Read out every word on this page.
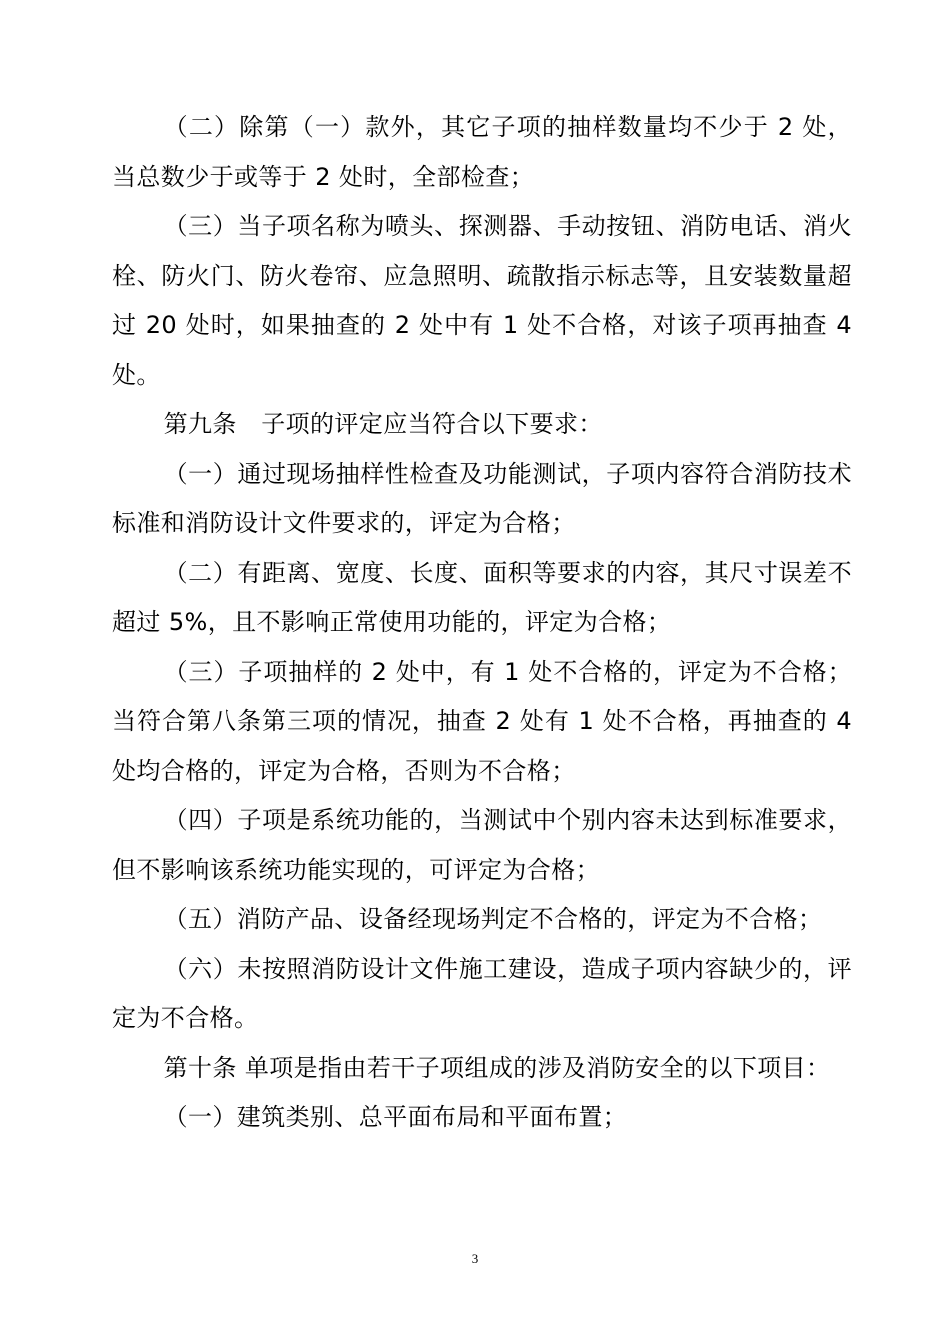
（二）除第（一）款外，其它子项的抽样数量均不少于 2 处，当总数少于或等于 2 处时，全部检查；

（三）当子项名称为喷头、探测器、手动按钮、消防电话、消火栓、防火门、防火卷帘、应急照明、疏散指示标志等，且安装数量超过 20 处时，如果抽查的 2 处中有 1 处不合格，对该子项再抽查 4 处。

第九条　子项的评定应当符合以下要求：

（一）通过现场抽样性检查及功能测试，子项内容符合消防技术标准和消防设计文件要求的，评定为合格；

（二）有距离、宽度、长度、面积等要求的内容，其尺寸误差不超过 5%，且不影响正常使用功能的，评定为合格；

（三）子项抽样的 2 处中，有 1 处不合格的，评定为不合格；当符合第八条第三项的情况，抽查 2 处有 1 处不合格，再抽查的 4 处均合格的，评定为合格，否则为不合格；

（四）子项是系统功能的，当测试中个别内容未达到标准要求，但不影响该系统功能实现的，可评定为合格；

（五）消防产品、设备经现场判定不合格的，评定为不合格；

（六）未按照消防设计文件施工建设，造成子项内容缺少的，评定为不合格。

第十条 单项是指由若干子项组成的涉及消防安全的以下项目：

（一）建筑类别、总平面布局和平面布置；

3
